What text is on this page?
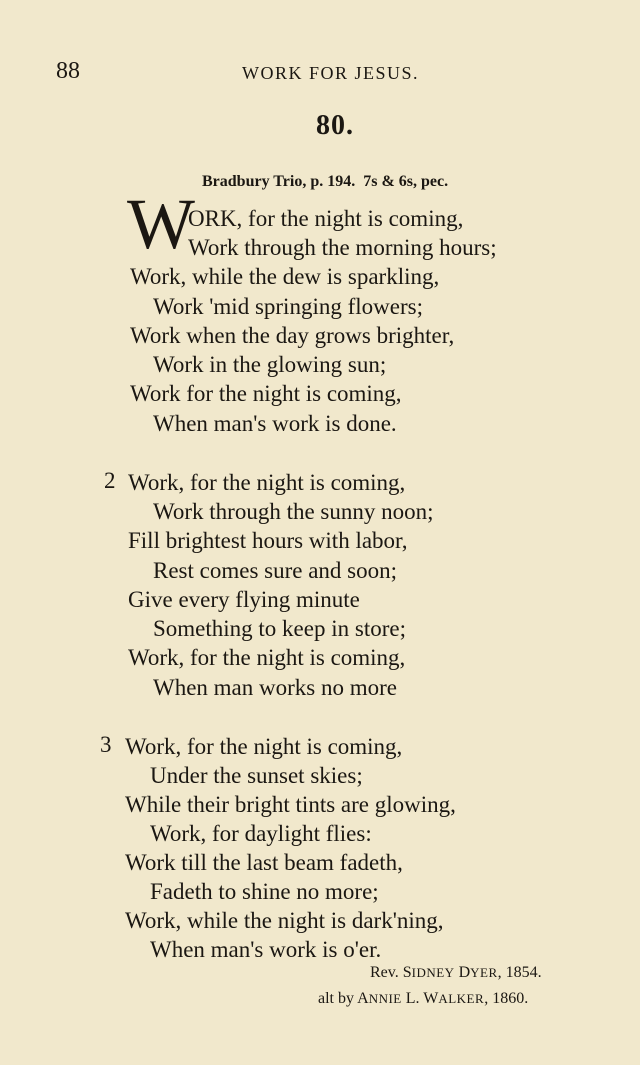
88	WORK FOR JESUS.
80.
Bradbury Trio, p. 194. 7s & 6s, pec.
W
ORK, for the night is coming,
Work through the morning hours;
Work, while the dew is sparkling,
Work 'mid springing flowers;
Work when the day grows brighter,
Work in the glowing sun;
Work for the night is coming,
When man's work is done.
2 Work, for the night is coming,
Work through the sunny noon;
Fill brightest hours with labor,
Rest comes sure and soon;
Give every flying minute
Something to keep in store;
Work, for the night is coming,
When man works no more
3 Work, for the night is coming,
Under the sunset skies;
While their bright tints are glowing,
Work, for daylight flies:
Work till the last beam fadeth,
Fadeth to shine no more;
Work, while the night is dark'ning,
When man's work is o'er.
Rev. SIDNEY DYER, 1854.
alt by ANNIE L. WALKER, 1860.
